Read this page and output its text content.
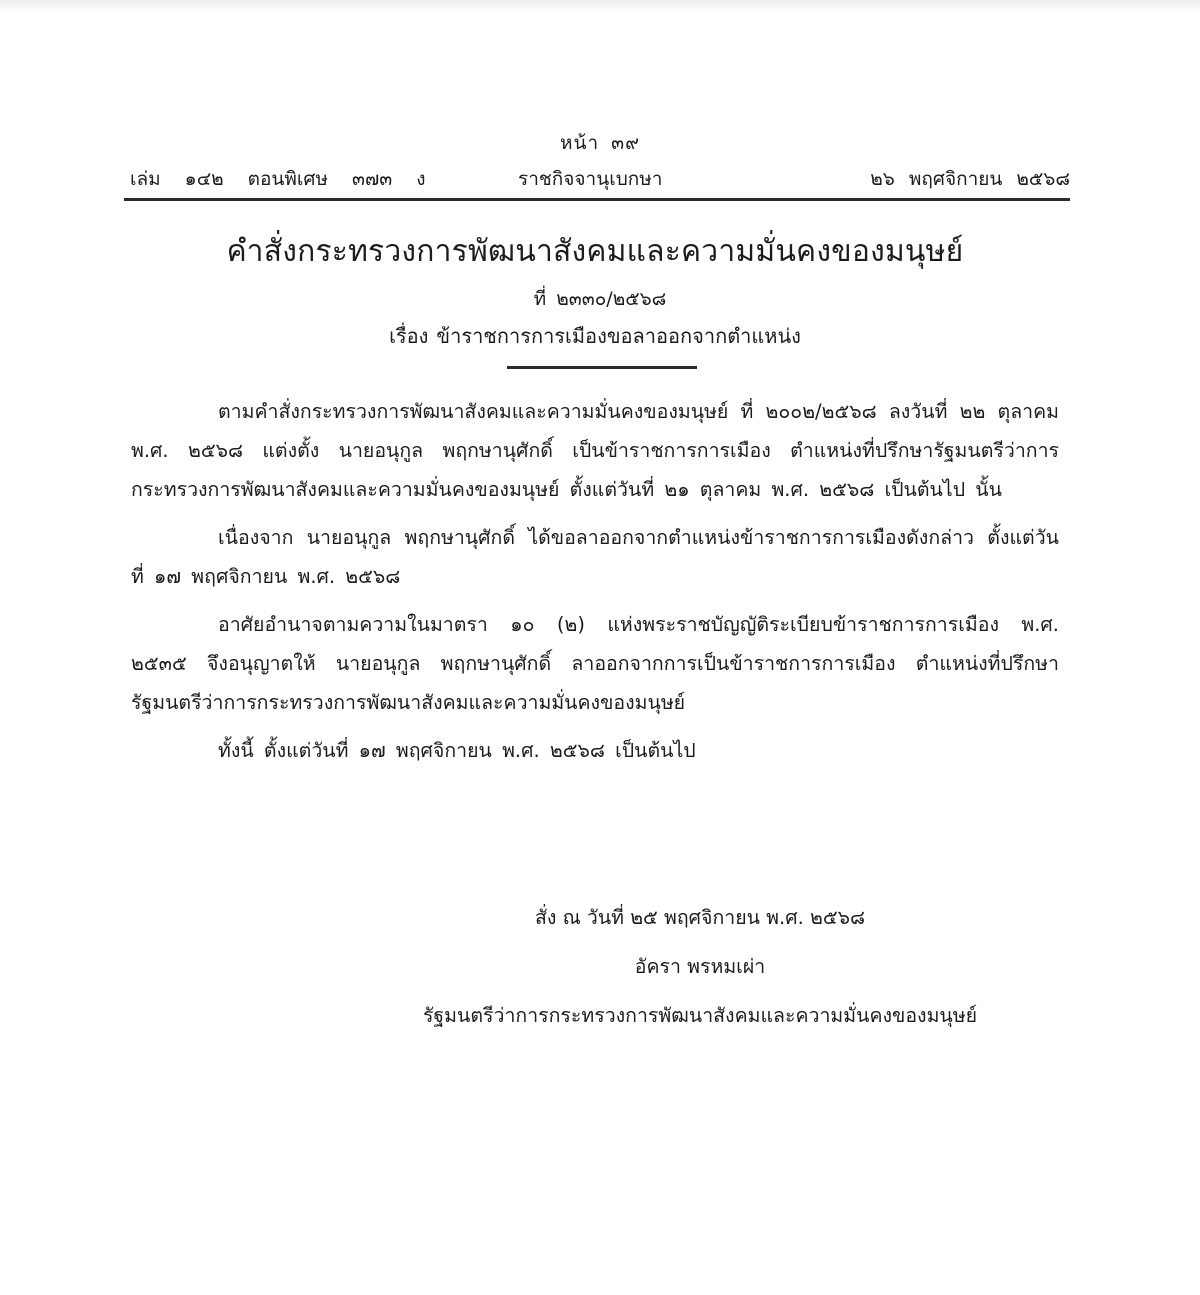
หน้า ๓๙
เล่ม ๑๔๒ ตอนพิเศษ ๓๗๓ ง	ราชกิจจานุเบกษา	๒๖ พฤศจิกายน ๒๕๖๘
คำสั่งกระทรวงการพัฒนาสังคมและความมั่นคงของมนุษย์
ที่ ๒๓๓๐/๒๕๖๘
เรื่อง ข้าราชการการเมืองขอลาออกจากตำแหน่ง

ตามคำสั่งกระทรวงการพัฒนาสังคมและความมั่นคงของมนุษย์ ที่ ๒๐๐๒/๒๕๖๘ ลงวันที่ ๒๒ ตุลาคม พ.ศ. ๒๕๖๘ แต่งตั้ง นายอนุกูล พฤกษานุศักดิ์ เป็นข้าราชการการเมือง ตำแหน่งที่ปรึกษารัฐมนตรีว่าการกระทรวงการพัฒนาสังคมและความมั่นคงของมนุษย์ ตั้งแต่วันที่ ๒๑ ตุลาคม พ.ศ. ๒๕๖๘ เป็นต้นไป นั้น

เนื่องจาก นายอนุกูล พฤกษานุศักดิ์ ได้ขอลาออกจากตำแหน่งข้าราชการการเมืองดังกล่าว ตั้งแต่วันที่ ๑๗ พฤศจิกายน พ.ศ. ๒๕๖๘

อาศัยอำนาจตามความในมาตรา ๑๐ (๒) แห่งพระราชบัญญัติระเบียบข้าราชการการเมือง พ.ศ. ๒๕๓๕ จึงอนุญาตให้ นายอนุกูล พฤกษานุศักดิ์ ลาออกจากการเป็นข้าราชการการเมือง ตำแหน่งที่ปรึกษารัฐมนตรีว่าการกระทรวงการพัฒนาสังคมและความมั่นคงของมนุษย์

ทั้งนี้ ตั้งแต่วันที่ ๑๗ พฤศจิกายน พ.ศ. ๒๕๖๘ เป็นต้นไป

สั่ง ณ วันที่ ๒๕ พฤศจิกายน พ.ศ. ๒๕๖๘
อัครา พรหมเผ่า
รัฐมนตรีว่าการกระทรวงการพัฒนาสังคมและความมั่นคงของมนุษย์
